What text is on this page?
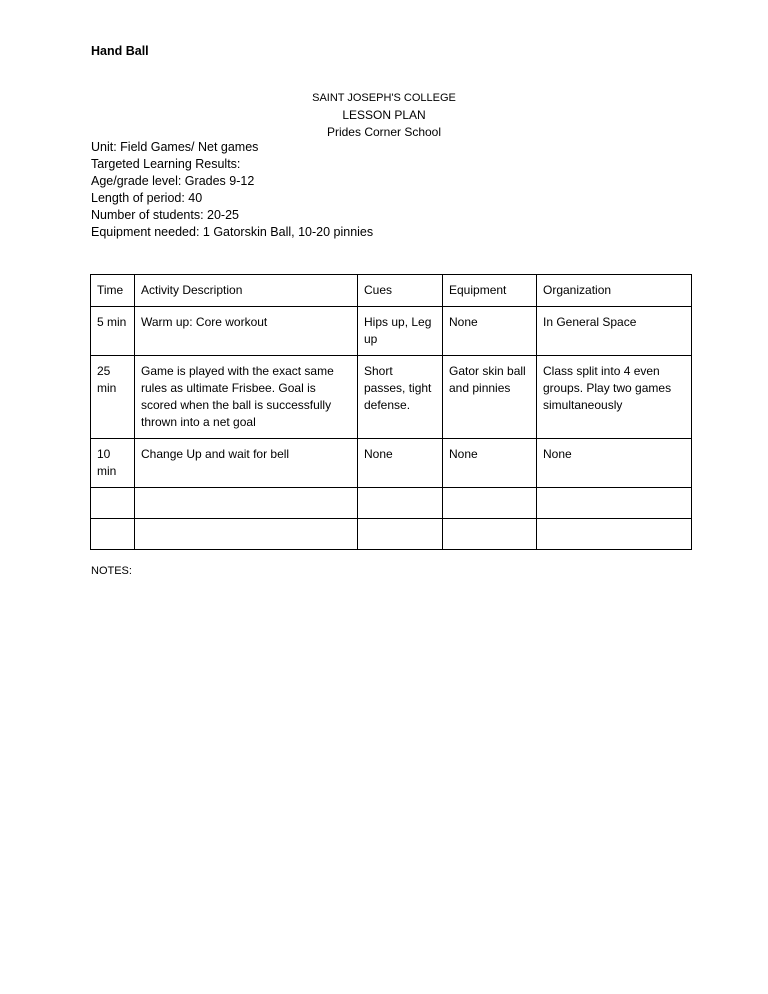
Hand Ball
SAINT JOSEPH'S COLLEGE
LESSON PLAN
Prides Corner School
Unit: Field Games/ Net games
Targeted Learning Results:
Age/grade level: Grades 9-12
Length of period: 40
Number of students: 20-25
Equipment needed: 1 Gatorskin Ball, 10-20 pinnies
Time	Activity Description	Cues	Equipment	Organization
5 min	Warm up: Core workout	Hips up, Leg up	None	In General Space
25 min	Game is played with the exact same rules as ultimate Frisbee. Goal is scored when the ball is successfully thrown into a net goal	Short passes, tight defense.	Gator skin ball and pinnies	Class split into 4 even groups. Play two games simultaneously
10 min	Change Up and wait for bell	None	None	None

NOTES:
